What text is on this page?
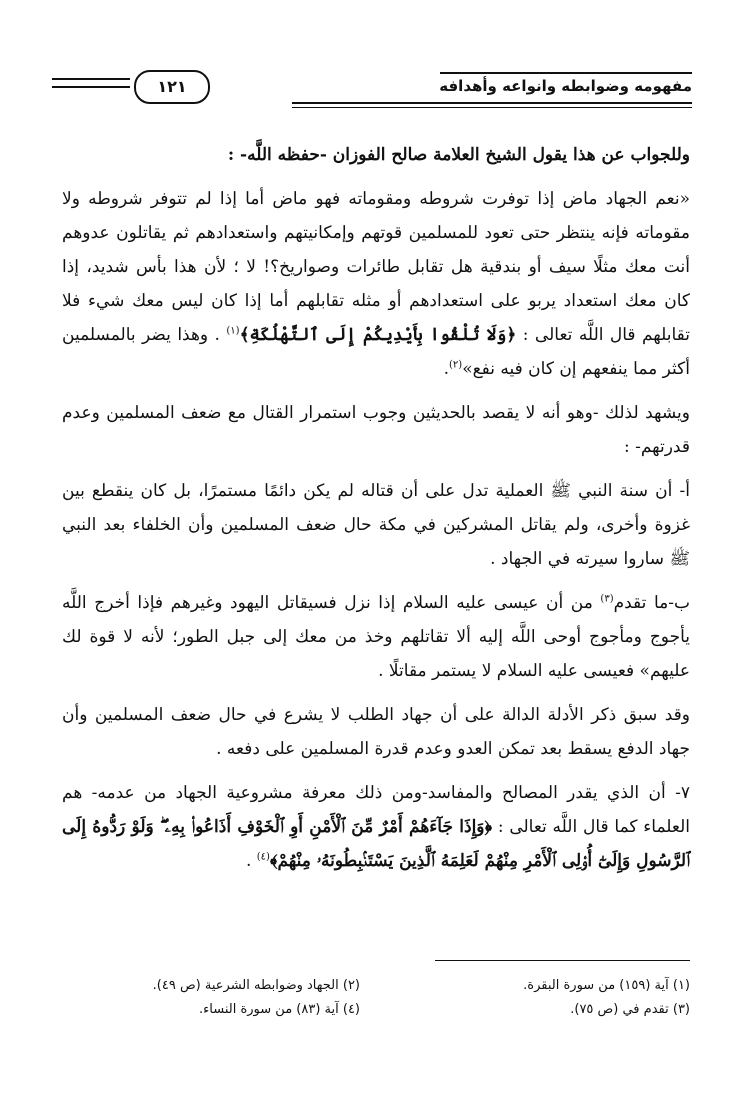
مفهومه وضوابطه وانواعه وأهدافه
١٢١

وللجواب عن هذا يقول الشيخ العلامة صالح الفوزان -حفظه اللَّه- :

«نعم الجهاد ماض إذا توفرت شروطه ومقوماته فهو ماض أما إذا لم تتوفر شروطه ولا مقوماته فإنه ينتظر حتى تعود للمسلمين قوتهم وإمكانيتهم واستعدادهم ثم يقاتلون عدوهم أنت معك مثلًا سيف أو بندقية هل تقابل طائرات وصواريخ؟! لا ؛ لأن هذا بأس شديد، إذا كان معك استعداد يربو على استعدادهم أو مثله تقابلهم أما إذا كان ليس معك شيء فلا تقابلهم قال اللَّه تعالى : ﴿وَلَا تُلْقُوا بِأَيْدِيكُمْ إِلَى ٱلتَّهْلُكَةِ﴾$^{(١)}$ . وهذا يضر بالمسلمين أكثر مما ينفعهم إن كان فيه نفع»$^{(٢)}$.

ويشهد لذلك -وهو أنه لا يقصد بالحديثين وجوب استمرار القتال مع ضعف المسلمين وعدم قدرتهم- :

أ- أن سنة النبي ﷺ العملية تدل على أن قتاله لم يكن دائمًا مستمرًا، بل كان ينقطع بين غزوة وأخرى، ولم يقاتل المشركين في مكة حال ضعف المسلمين وأن الخلفاء بعد النبي ﷺ ساروا سيرته في الجهاد .

ب-ما تقدم$^{(٣)}$ من أن عيسى عليه السلام إذا نزل فسيقاتل اليهود وغيرهم فإذا أخرج اللَّه يأجوج ومأجوج أوحى اللَّه إليه ألا تقاتلهم وخذ من معك إلى جبل الطور؛ لأنه لا قوة لك عليهم» فعيسى عليه السلام لا يستمر مقاتلًا .

وقد سبق ذكر الأدلة الدالة على أن جهاد الطلب لا يشرع في حال ضعف المسلمين وأن جهاد الدفع يسقط بعد تمكن العدو وعدم قدرة المسلمين على دفعه .

٧- أن الذي يقدر المصالح والمفاسد-ومن ذلك معرفة مشروعية الجهاد من عدمه- هم العلماء كما قال اللَّه تعالى : ﴿وَإِذَا جَآءَهُمْ أَمْرٌ مِّنَ ٱلْأَمْنِ أَوِ ٱلْخَوْفِ أَذَاعُوا۟ بِهِۦ ۖ وَلَوْ رَدُّوهُ إِلَى ٱلرَّسُولِ وَإِلَىٰٓ أُو۟لِى ٱلْأَمْرِ مِنْهُمْ لَعَلِمَهُ ٱلَّذِينَ يَسْتَنۢبِطُونَهُۥ مِنْهُمْ﴾$^{(٤)}$ .

(١) آية (١٥٩) من سورة البقرة.
(٢) الجهاد وضوابطه الشرعية (ص ٤٩).
(٣) تقدم في (ص ٧٥).
(٤) آية (٨٣) من سورة النساء.
